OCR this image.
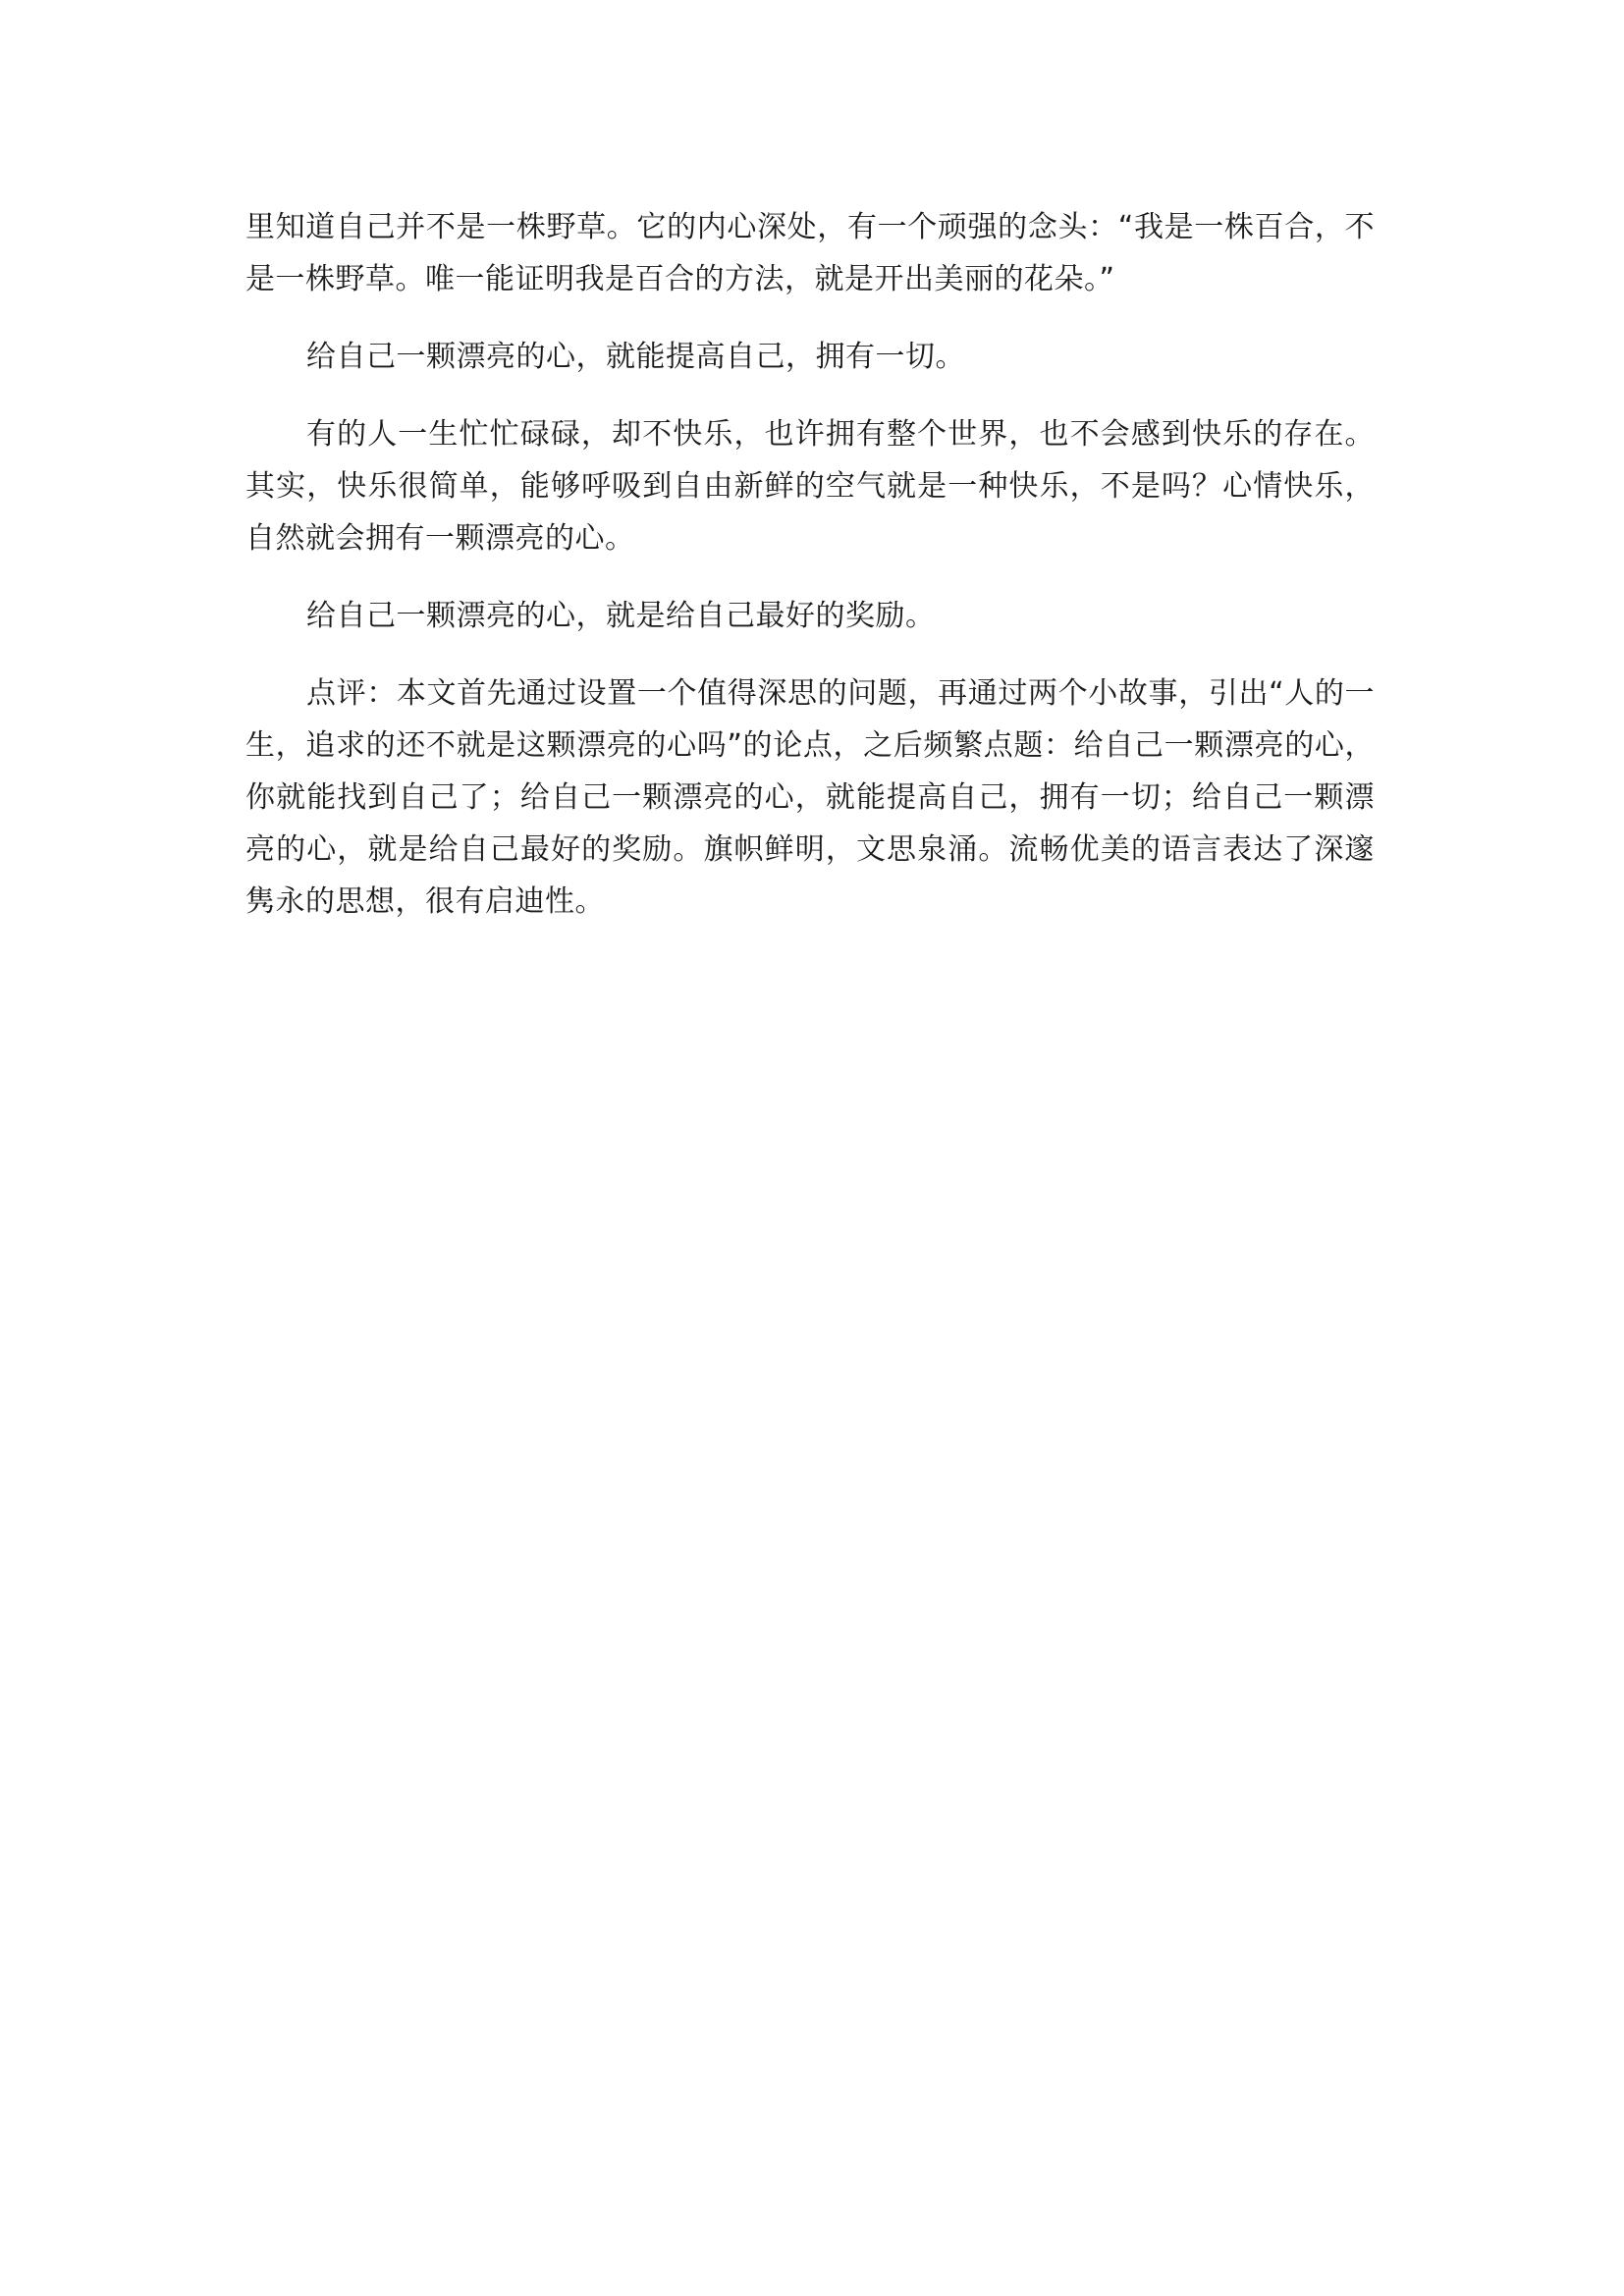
里知道自己并不是一株野草。它的内心深处，有一个顽强的念头：“我是一株百合，不是一株野草。唯一能证明我是百合的方法，就是开出美丽的花朵。”

给自己一颗漂亮的心，就能提高自己，拥有一切。

有的人一生忙忙碌碌，却不快乐，也许拥有整个世界，也不会感到快乐的存在。其实，快乐很简单，能够呼吸到自由新鲜的空气就是一种快乐，不是吗？心情快乐，自然就会拥有一颗漂亮的心。

给自己一颗漂亮的心，就是给自己最好的奖励。

点评：本文首先通过设置一个值得深思的问题，再通过两个小故事，引出“人的一生，追求的还不就是这颗漂亮的心吗”的论点，之后频繁点题：给自己一颗漂亮的心，你就能找到自己了；给自己一颗漂亮的心，就能提高自己，拥有一切；给自己一颗漂亮的心，就是给自己最好的奖励。旗帜鲜明，文思泉涌。流畅优美的语言表达了深邃隽永的思想，很有启迪性。
